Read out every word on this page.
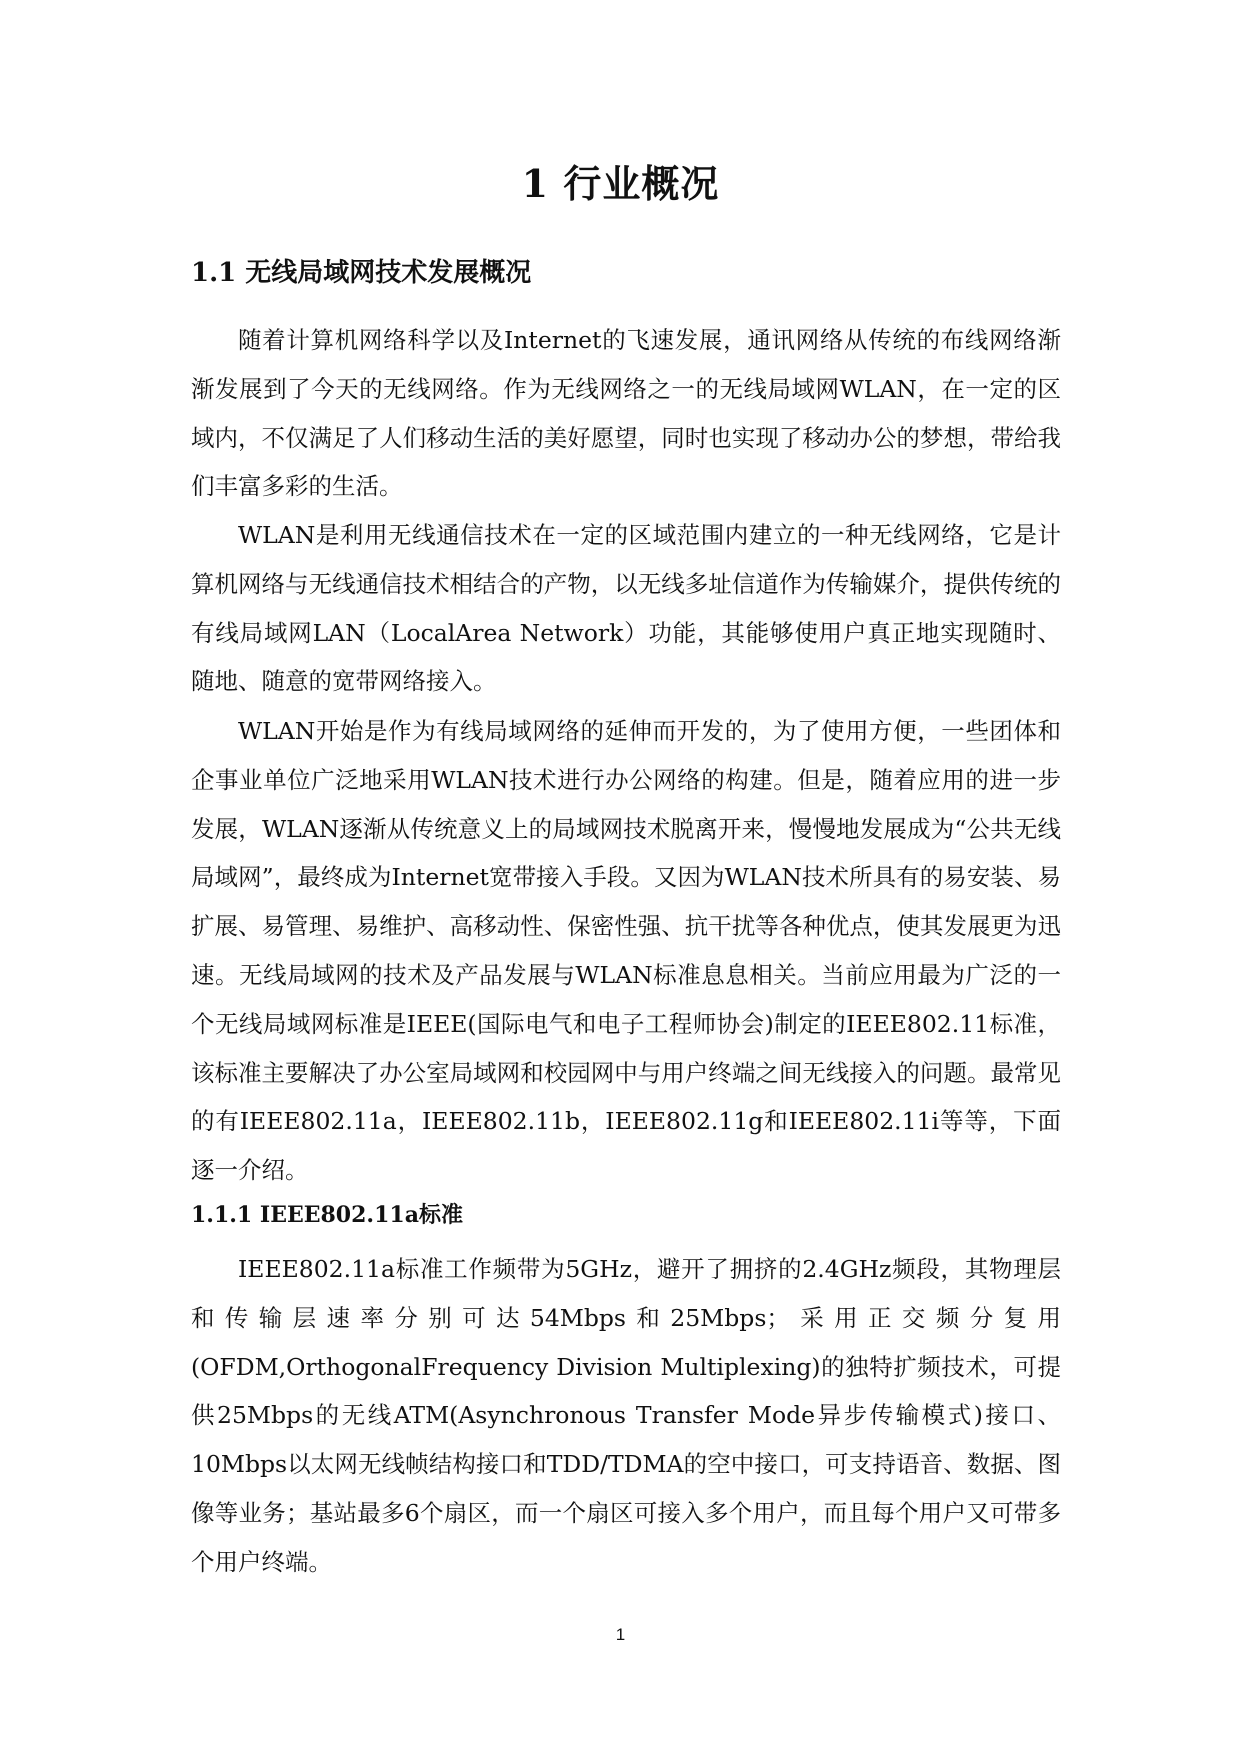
1 行业概况
1.1 无线局域网技术发展概况

随着计算机网络科学以及Internet的飞速发展，通讯网络从传统的布线网络渐渐发展到了今天的无线网络。作为无线网络之一的无线局域网WLAN，在一定的区域内，不仅满足了人们移动生活的美好愿望，同时也实现了移动办公的梦想，带给我们丰富多彩的生活。

WLAN是利用无线通信技术在一定的区域范围内建立的一种无线网络，它是计算机网络与无线通信技术相结合的产物，以无线多址信道作为传输媒介，提供传统的有线局域网LAN（LocalArea Network）功能，其能够使用户真正地实现随时、随地、随意的宽带网络接入。

WLAN开始是作为有线局域网络的延伸而开发的，为了使用方便，一些团体和企事业单位广泛地采用WLAN技术进行办公网络的构建。但是，随着应用的进一步发展，WLAN逐渐从传统意义上的局域网技术脱离开来，慢慢地发展成为“公共无线局域网”，最终成为Internet宽带接入手段。又因为WLAN技术所具有的易安装、易扩展、易管理、易维护、高移动性、保密性强、抗干扰等各种优点，使其发展更为迅速。无线局域网的技术及产品发展与WLAN标准息息相关。当前应用最为广泛的一个无线局域网标准是IEEE(国际电气和电子工程师协会)制定的IEEE802.11标准，该标准主要解决了办公室局域网和校园网中与用户终端之间无线接入的问题。最常见的有IEEE802.11a，IEEE802.11b，IEEE802.11g和IEEE802.11i等等，下面逐一介绍。

1.1.1 IEEE802.11a标准

IEEE802.11a标准工作频带为5GHz，避开了拥挤的2.4GHz频段，其物理层和传输层速率分别可达54Mbps和25Mbps；采用正交频分复用(OFDM,OrthogonalFrequency Division Multiplexing)的独特扩频技术，可提供25Mbps的无线ATM(Asynchronous Transfer Mode异步传输模式)接口、10Mbps以太网无线帧结构接口和TDD/TDMA的空中接口，可支持语音、数据、图像等业务；基站最多6个扇区，而一个扇区可接入多个用户，而且每个用户又可带多个用户终端。

1
